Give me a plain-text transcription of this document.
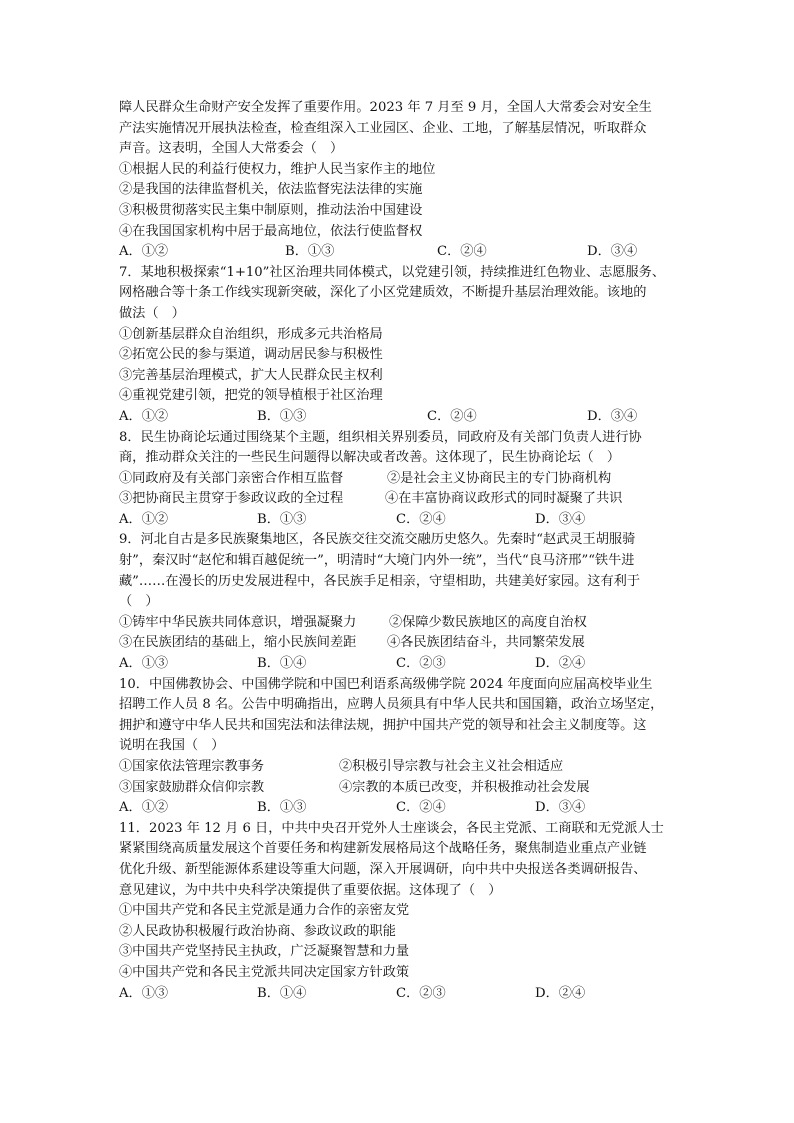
障人民群众生命财产安全发挥了重要作用。2023 年 7 月至 9 月，全国人大常委会对安全生
产法实施情况开展执法检查，检查组深入工业园区、企业、工地，了解基层情况，听取群众
声音。这表明，全国人大常委会（　）
①根据人民的利益行使权力，维护人民当家作主的地位
②是我国的法律监督机关，依法监督宪法法律的实施
③积极贯彻落实民主集中制原则，推动法治中国建设
④在我国国家机构中居于最高地位，依法行使监督权
A．①②	B．①③	C．②④	D．③④
7．某地积极探索“1+10”社区治理共同体模式，以党建引领，持续推进红色物业、志愿服务、
网格融合等十条工作线实现新突破，深化了小区党建质效，不断提升基层治理效能。该地的
做法（　）
①创新基层群众自治组织，形成多元共治格局
②拓宽公民的参与渠道，调动居民参与积极性
③完善基层治理模式，扩大人民群众民主权利
④重视党建引领，把党的领导植根于社区治理
A．①②	B．①③	C．②④	D．③④
8．民生协商论坛通过围绕某个主题，组织相关界别委员，同政府及有关部门负责人进行协
商，推动群众关注的一些民生问题得以解决或者改善。这体现了，民生协商论坛（　）
①同政府及有关部门亲密合作相互监督	②是社会主义协商民主的专门协商机构
③把协商民主贯穿于参政议政的全过程	④在丰富协商议政形式的同时凝聚了共识
A．①②	B．①③	C．②④	D．③④
9．河北自古是多民族聚集地区，各民族交往交流交融历史悠久。先秦时“赵武灵王胡服骑
射”，秦汉时“赵佗和辑百越促统一”，明清时“大境门内外一统”，当代“良马济邢”“铁牛进
藏”……在漫长的历史发展进程中，各民族手足相亲，守望相助，共建美好家园。这有利于
（　）
①铸牢中华民族共同体意识，增强凝聚力 ②保障少数民族地区的高度自治权
③在民族团结的基础上，缩小民族间差距 ④各民族团结奋斗，共同繁荣发展
A．①③	B．①④	C．②③	D．②④
10．中国佛教协会、中国佛学院和中国巴利语系高级佛学院 2024 年度面向应届高校毕业生
招聘工作人员 8 名。公告中明确指出，应聘人员须具有中华人民共和国国籍，政治立场坚定，
拥护和遵守中华人民共和国宪法和法律法规，拥护中国共产党的领导和社会主义制度等。这
说明在我国（　）
①国家依法管理宗教事务	②积极引导宗教与社会主义社会相适应
③国家鼓励群众信仰宗教	④宗教的本质已改变，并积极推动社会发展
A．①②	B．①③	C．②④	D．③④
11．2023 年 12 月 6 日，中共中央召开党外人士座谈会，各民主党派、工商联和无党派人士
紧紧围绕高质量发展这个首要任务和构建新发展格局这个战略任务，聚焦制造业重点产业链
优化升级、新型能源体系建设等重大问题，深入开展调研，向中共中央报送各类调研报告、
意见建议，为中共中央科学决策提供了重要依据。这体现了（　）
①中国共产党和各民主党派是通力合作的亲密友党
②人民政协积极履行政治协商、参政议政的职能
③中国共产党坚持民主执政，广泛凝聚智慧和力量
④中国共产党和各民主党派共同决定国家方针政策
A．①③	B．①④	C．②③	D．②④
